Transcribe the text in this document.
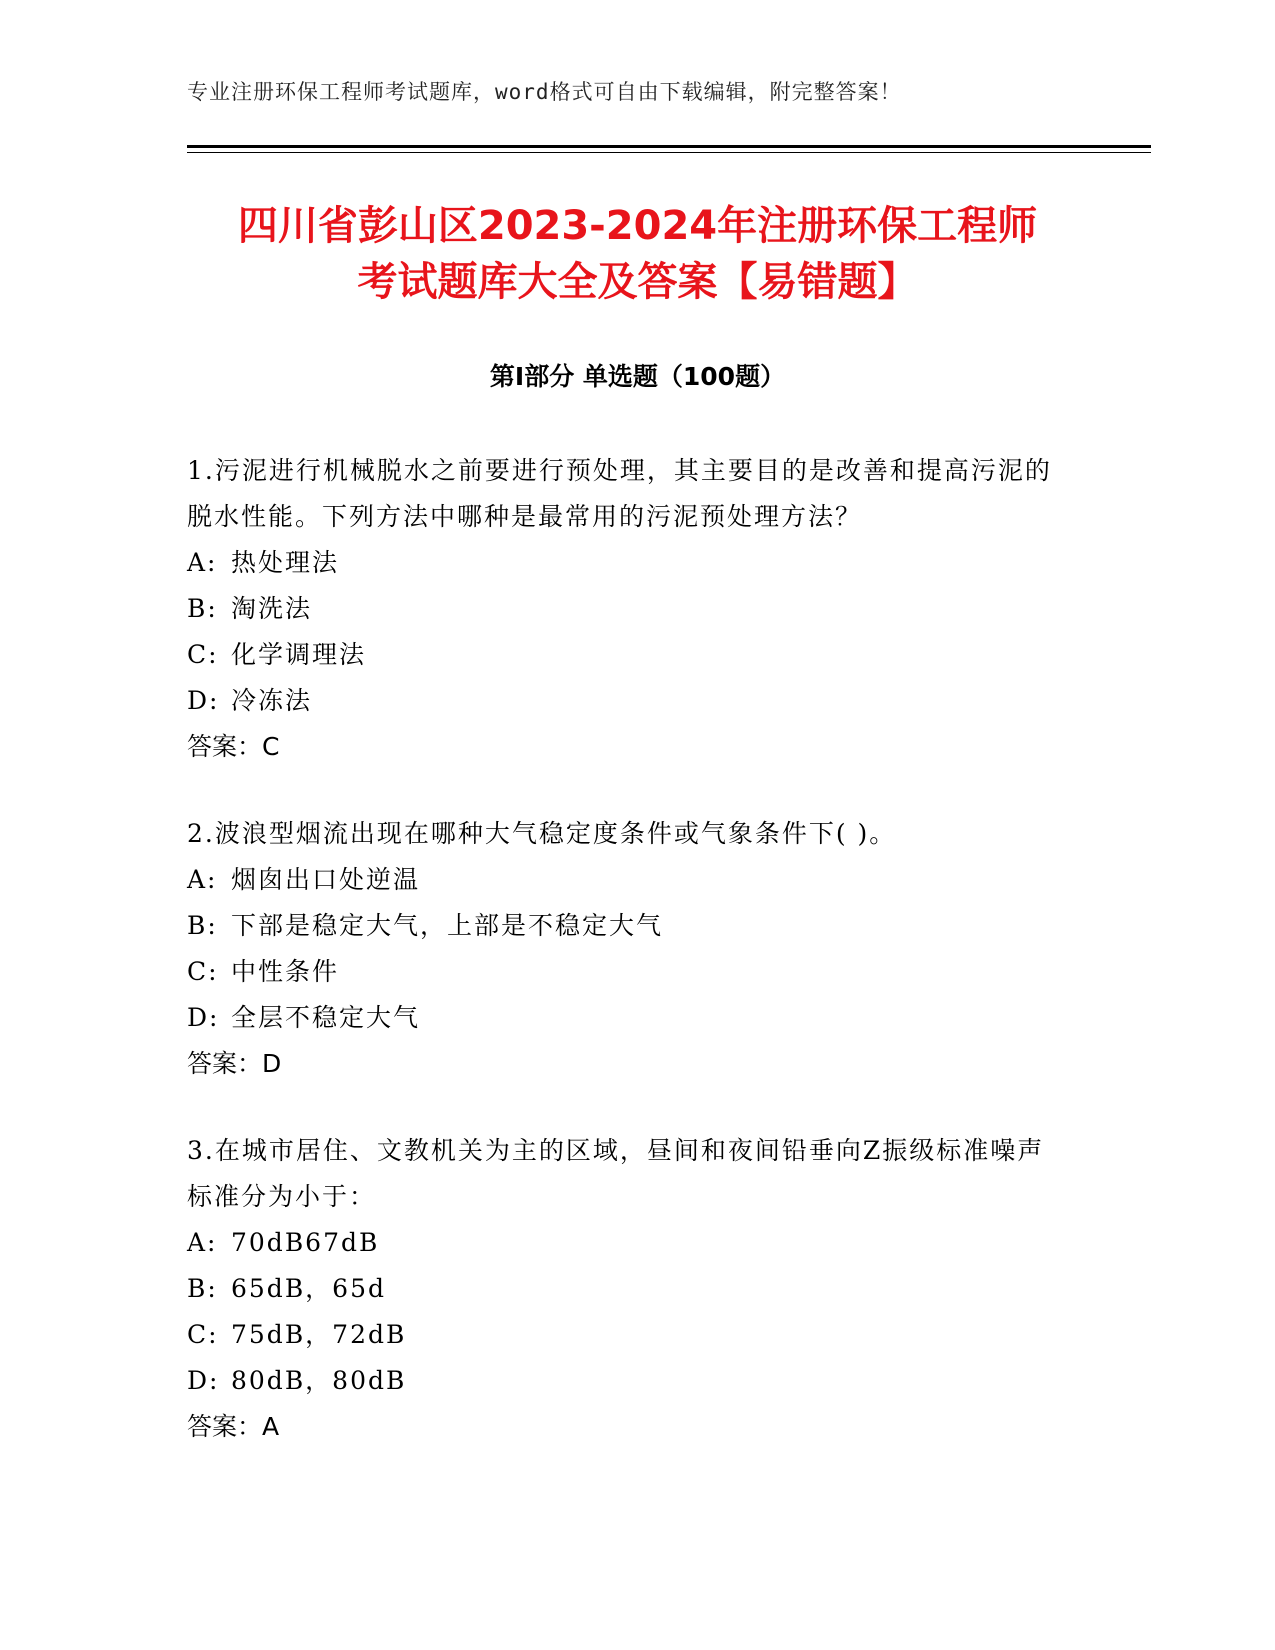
专业注册环保工程师考试题库，word格式可自由下载编辑，附完整答案！
四川省彭山区2023-2024年注册环保工程师
考试题库大全及答案【易错题】
第Ⅰ部分 单选题（100题）

1.污泥进行机械脱水之前要进行预处理，其主要目的是改善和提高污泥的脱水性能。下列方法中哪种是最常用的污泥预处理方法？

A: 热处理法

B: 淘洗法

C: 化学调理法

D: 冷冻法

答案：C

2.波浪型烟流出现在哪种大气稳定度条件或气象条件下( )。

A: 烟囱出口处逆温

B: 下部是稳定大气，上部是不稳定大气

C: 中性条件

D: 全层不稳定大气

答案：D

3.在城市居住、文教机关为主的区域，昼间和夜间铅垂向Z振级标准噪声标准分为小于：

A: 70dB67dB

B: 65dB，65d

C: 75dB，72dB

D: 80dB，80dB

答案：A
